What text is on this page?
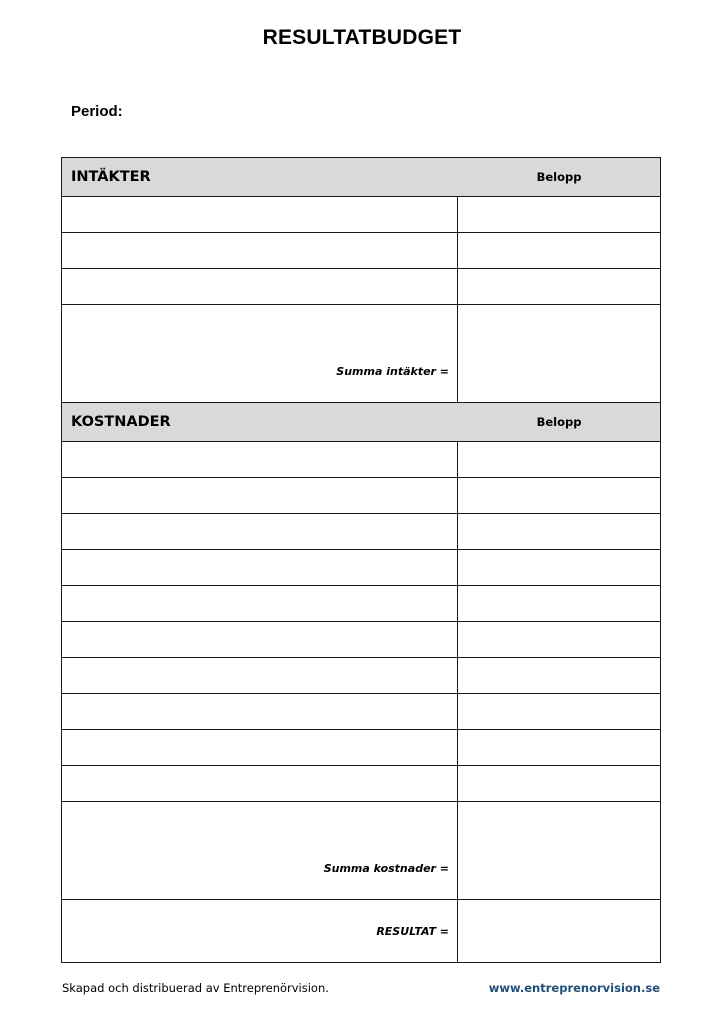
RESULTATBUDGET
Period:
INTÄKTER	Belopp
Summa intäkter =
KOSTNADER	Belopp
Summa kostnader =
RESULTAT =
Skapad och distribuerad av Entreprenörvision.	www.entreprenorvision.se
